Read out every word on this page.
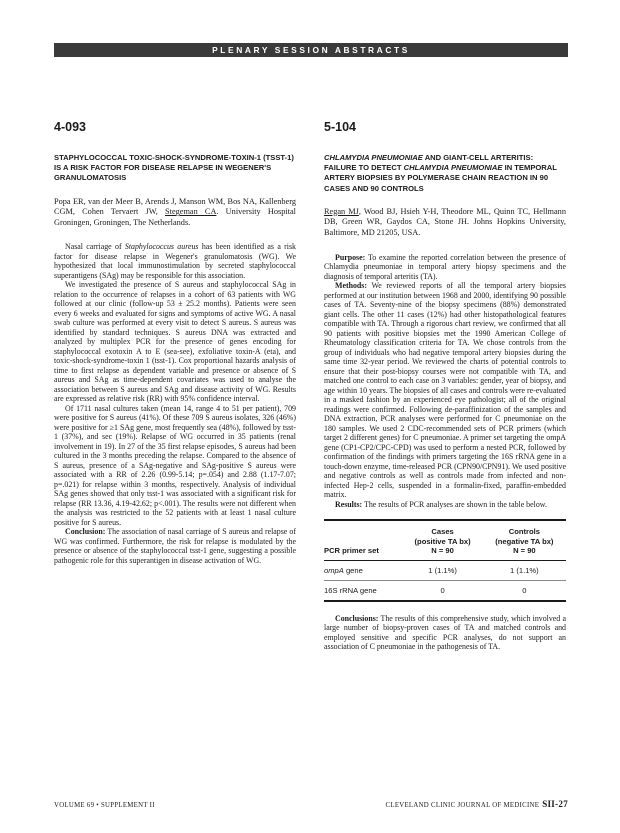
PLENARY SESSION ABSTRACTS
4-093
STAPHYLOCOCCAL TOXIC-SHOCK-SYNDROME-TOXIN-1 (TSST-1) IS A RISK FACTOR FOR DISEASE RELAPSE IN WEGENER'S GRANULOMATOSIS
Popa ER, van der Meer B, Arends J, Manson WM, Bos NA, Kallenberg CGM, Cohen Tervaert JW, Stegeman CA. University Hospital Groningen, Groningen, The Netherlands.

Nasal carriage of Staphylococcus aureus has been identified as a risk factor for disease relapse in Wegener's granulomatosis (WG). We hypothesized that local immunostimulation by secreted staphylococcal superantigens (SAg) may be responsible for this association.

We investigated the presence of S aureus and staphylococcal SAg in relation to the occurrence of relapses in a cohort of 63 patients with WG followed at our clinic (follow-up 53 ± 25.2 months). Patients were seen every 6 weeks and evaluated for signs and symptoms of active WG. A nasal swab culture was performed at every visit to detect S aureus. S aureus was identified by standard techniques. S aureus DNA was extracted and analyzed by multiplex PCR for the presence of genes encoding for staphylococcal exotoxin A to E (sea-see), exfoliative toxin-A (eta), and toxic-shock-syndrome-toxin 1 (tsst-1). Cox proportional hazards analysis of time to first relapse as dependent variable and presence or absence of S aureus and SAg as time-dependent covariates was used to analyse the association between S aureus and SAg and disease activity of WG. Results are expressed as relative risk (RR) with 95% confidence interval.

Of 1711 nasal cultures taken (mean 14, range 4 to 51 per patient), 709 were positive for S aureus (41%). Of these 709 S aureus isolates, 326 (46%) were positive for ≥1 SAg gene, most frequently sea (48%), followed by tsst-1 (37%), and sec (19%). Relapse of WG occurred in 35 patients (renal involvement in 19). In 27 of the 35 first relapse episodes, S aureus had been cultured in the 3 months preceding the relapse. Compared to the absence of S aureus, presence of a SAg-negative and SAg-positive S aureus were associated with a RR of 2.26 (0.99-5.14; p=.054) and 2.88 (1.17-7.07; p=.021) for relapse within 3 months, respectively. Analysis of individual SAg genes showed that only tsst-1 was associated with a significant risk for relapse (RR 13.36, 4.19-42.62; p<.001). The results were not different when the analysis was restricted to the 52 patients with at least 1 nasal culture positive for S aureus.

Conclusion: The association of nasal carriage of S aureus and relapse of WG was confirmed. Furthermore, the risk for relapse is modulated by the presence or absence of the staphylococcal tsst-1 gene, suggesting a possible pathogenic role for this superantigen in disease activation of WG.

5-104
CHLAMYDIA PNEUMONIAE AND GIANT-CELL ARTERITIS: FAILURE TO DETECT CHLAMYDIA PNEUMONIAE IN TEMPORAL ARTERY BIOPSIES BY POLYMERASE CHAIN REACTION IN 90 CASES AND 90 CONTROLS
Regan MJ, Wood BJ, Hsieh Y-H, Theodore ML, Quinn TC, Hellmann DB, Green WR, Gaydos CA, Stone JH. Johns Hopkins University, Baltimore, MD 21205, USA.

Purpose: To examine the reported correlation between the presence of Chlamydia pneumoniae in temporal artery biopsy specimens and the diagnosis of temporal arteritis (TA).

Methods: We reviewed reports of all the temporal artery biopsies performed at our institution between 1968 and 2000, identifying 90 possible cases of TA. Seventy-nine of the biopsy specimens (88%) demonstrated giant cells. The other 11 cases (12%) had other histopathological features compatible with TA. Through a rigorous chart review, we confirmed that all 90 patients with positive biopsies met the 1990 American College of Rheumatology classification criteria for TA. We chose controls from the group of individuals who had negative temporal artery biopsies during the same time 32-year period. We reviewed the charts of potential controls to ensure that their post-biopsy courses were not compatible with TA, and matched one control to each case on 3 variables: gender, year of biopsy, and age within 10 years. The biopsies of all cases and controls were re-evaluated in a masked fashion by an experienced eye pathologist; all of the original readings were confirmed. Following de-paraffinization of the samples and DNA extraction, PCR analyses were performed for C pneumoniae on the 180 samples. We used 2 CDC-recommended sets of PCR primers (which target 2 different genes) for C pneumoniae. A primer set targeting the ompA gene (CP1-CP2/CPC-CPD) was used to perform a nested PCR, followed by confirmation of the findings with primers targeting the 16S rRNA gene in a touch-down enzyme, time-released PCR (CPN90/CPN91). We used positive and negative controls as well as controls made from infected and non-infected Hep-2 cells, suspended in a formalin-fixed, paraffin-embedded matrix.

Results: The results of PCR analyses are shown in the table below.

PCR primer set	Cases
(positive TA bx)
N = 90	Controls
(negative TA bx)
N = 90
ompA gene	1 (1.1%)	1 (1.1%)
16S rRNA gene	0	0

Conclusions: The results of this comprehensive study, which involved a large number of biopsy-proven cases of TA and matched controls and employed sensitive and specific PCR analyses, do not support an association of C pneumoniae in the pathogenesis of TA.

VOLUME 69 • SUPPLEMENT II	CLEVELAND CLINIC JOURNAL OF MEDICINE SII-27
